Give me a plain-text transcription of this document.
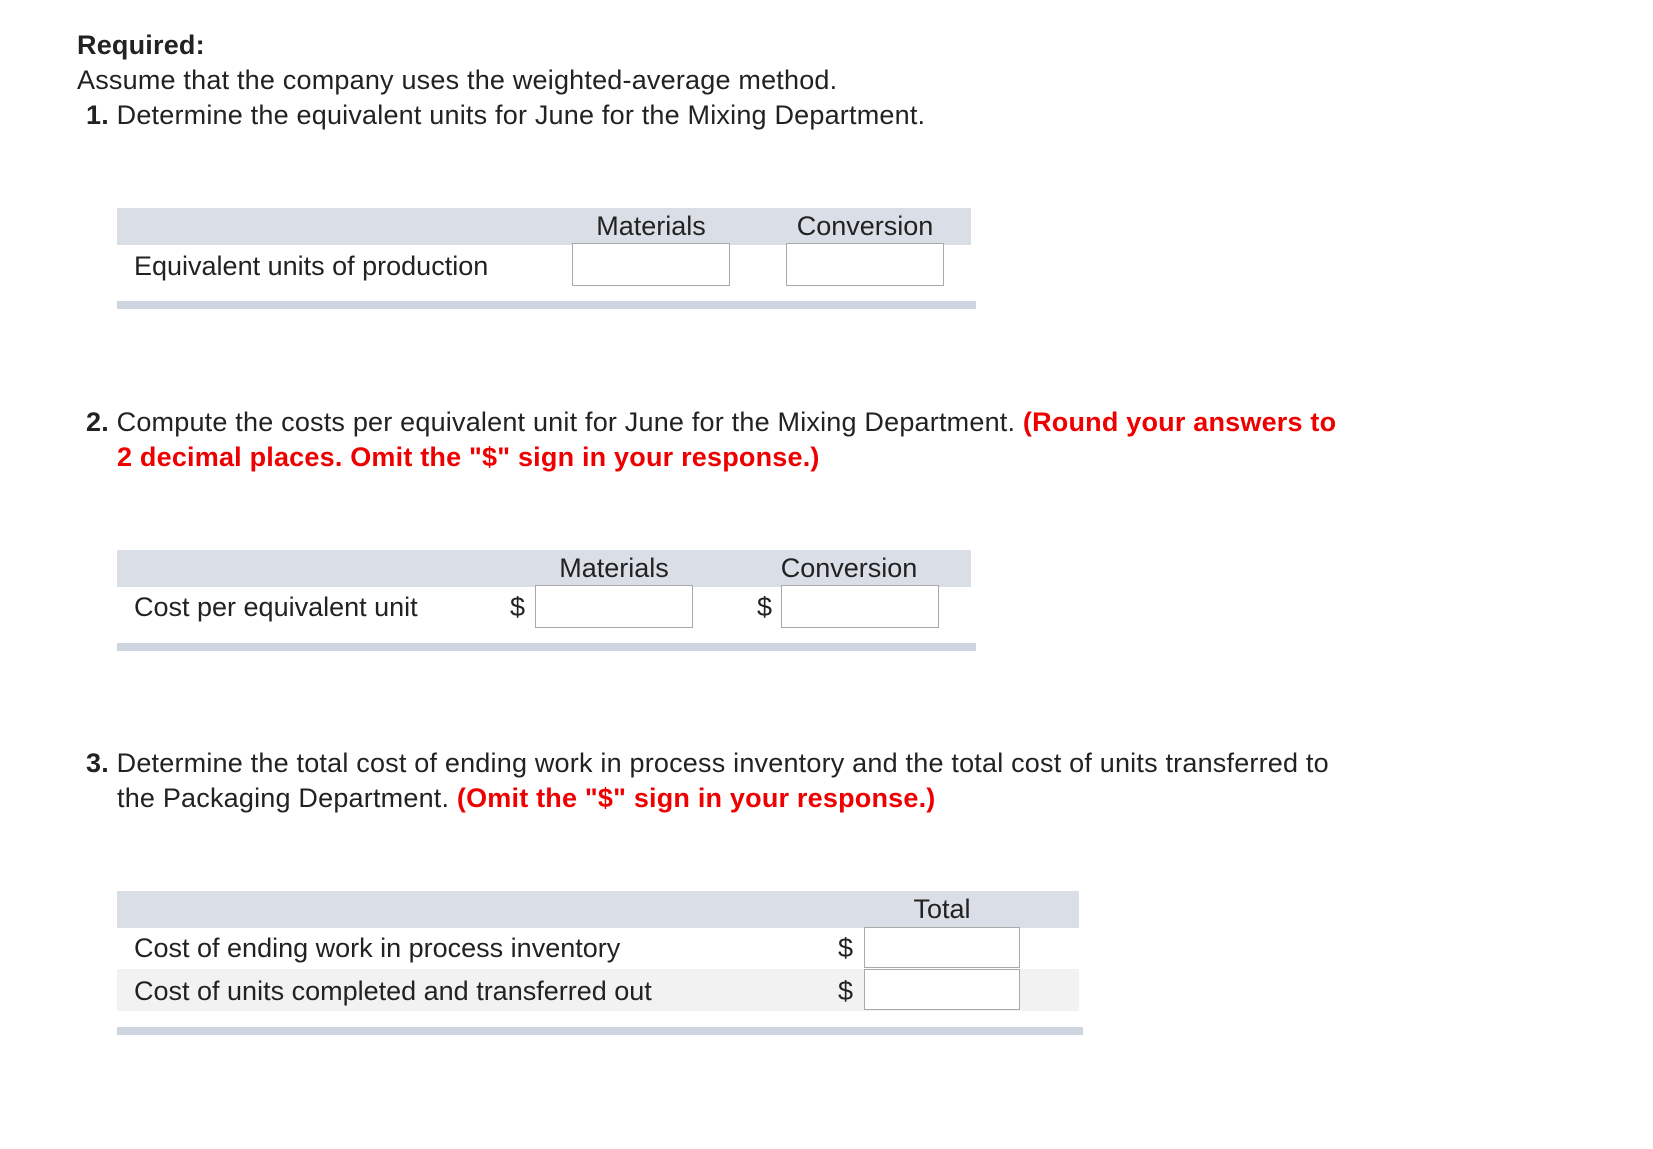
Required:
Assume that the company uses the weighted-average method.
1. Determine the equivalent units for June for the Mixing Department.
Materials	Conversion
Equivalent units of production
2. Compute the costs per equivalent unit for June for the Mixing Department. (Round your answers to
2 decimal places. Omit the "$" sign in your response.)
Materials	Conversion
Cost per equivalent unit	$	$
3. Determine the total cost of ending work in process inventory and the total cost of units transferred to
the Packaging Department. (Omit the "$" sign in your response.)
Total
Cost of ending work in process inventory	$
Cost of units completed and transferred out	$
